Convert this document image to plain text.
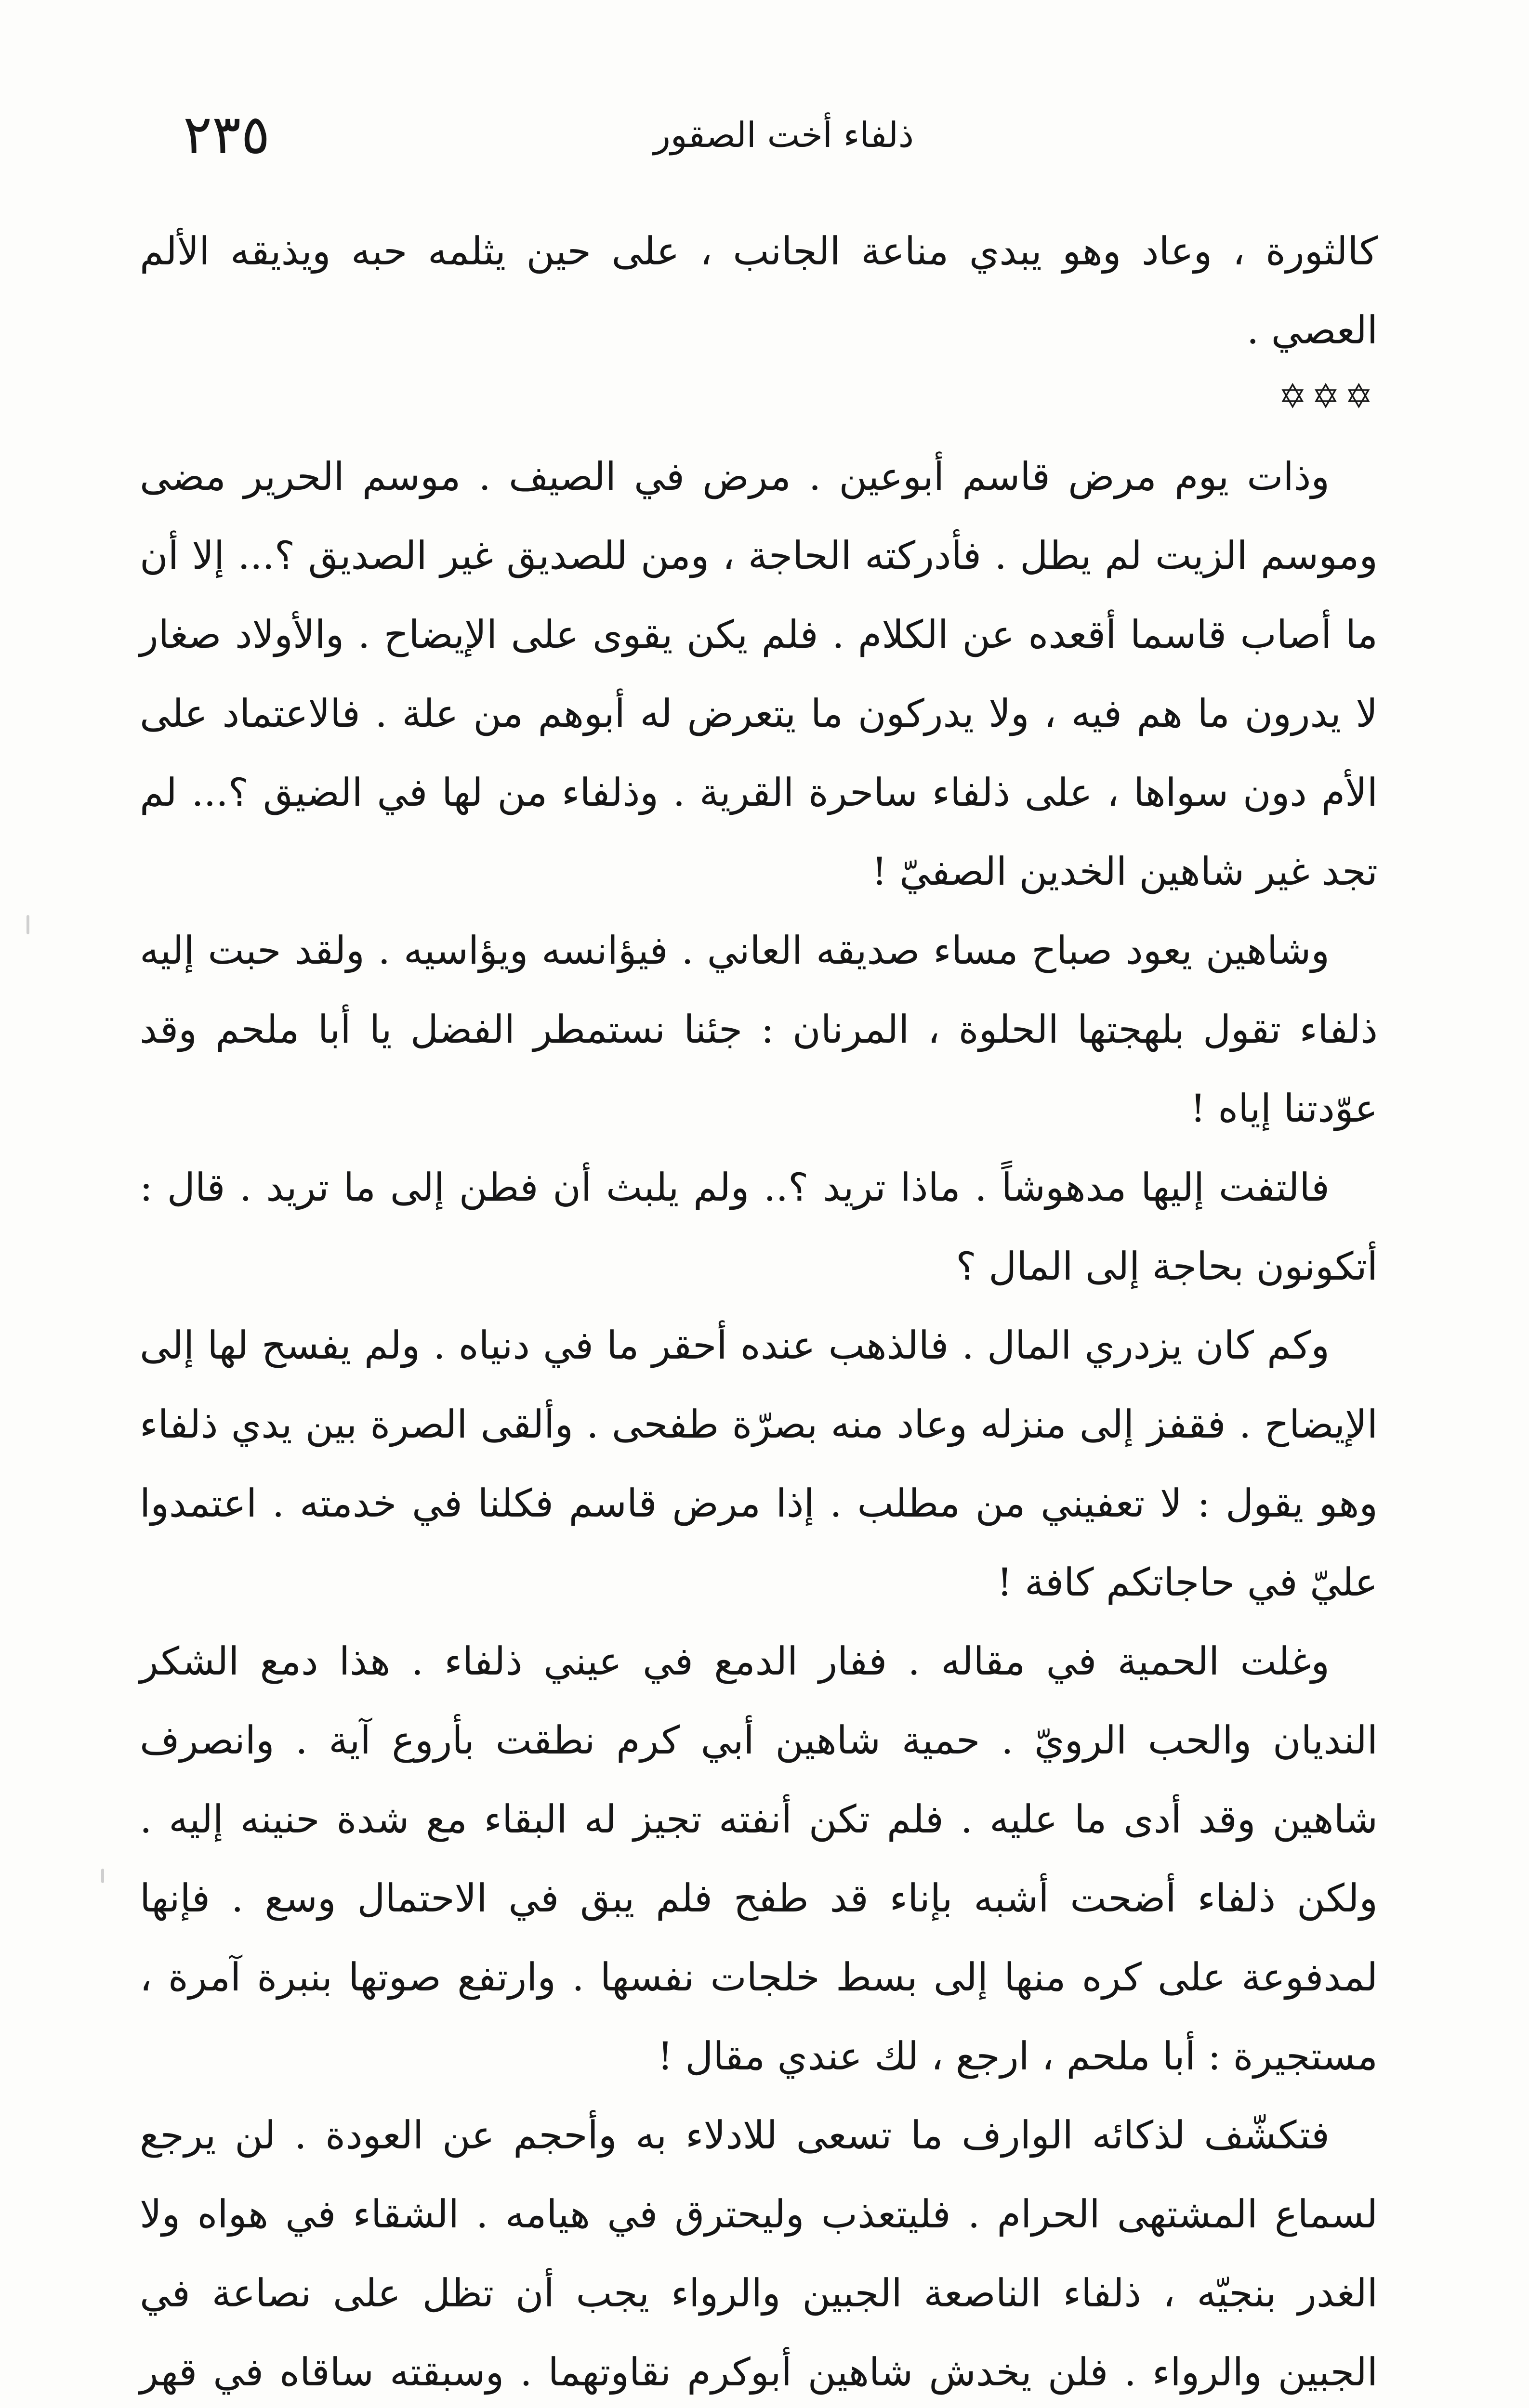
٢٣٥	ذلفاء أخت الصقور

كالثورة ، وعاد وهو يبدي مناعة الجانب ، على حين يثلمه حبه ويذيقه الألم العصي .

✡✡✡

وذات يوم مرض قاسم أبوعين . مرض في الصيف . موسم الحرير مضى وموسم الزيت لم يطل . فأدركته الحاجة ، ومن للصديق غير الصديق ؟... إلا أن ما أصاب قاسما أقعده عن الكلام . فلم يكن يقوى على الإيضاح . والأولاد صغار لا يدرون ما هم فيه ، ولا يدركون ما يتعرض له أبوهم من علة . فالاعتماد على الأم دون سواها ، على ذلفاء ساحرة القرية . وذلفاء من لها في الضيق ؟... لم تجد غير شاهين الخدين الصفيّ !

وشاهين يعود صباح مساء صديقه العاني . فيؤانسه ويؤاسيه . ولقد حبت إليه ذلفاء تقول بلهجتها الحلوة ، المرنان : جئنا نستمطر الفضل يا أبا ملحم وقد عوّدتنا إياه !

فالتفت إليها مدهوشاً . ماذا تريد ؟.. ولم يلبث أن فطن إلى ما تريد . قال : أتكونون بحاجة إلى المال ؟

وكم كان يزدري المال . فالذهب عنده أحقر ما في دنياه . ولم يفسح لها إلى الإيضاح . فقفز إلى منزله وعاد منه بصرّة طفحى . وألقى الصرة بين يدي ذلفاء وهو يقول : لا تعفيني من مطلب . إذا مرض قاسم فكلنا في خدمته . اعتمدوا عليّ في حاجاتكم كافة !

وغلت الحمية في مقاله . ففار الدمع في عيني ذلفاء . هذا دمع الشكر النديان والحب الرويّ . حمية شاهين أبي كرم نطقت بأروع آية . وانصرف شاهين وقد أدى ما عليه . فلم تكن أنفته تجيز له البقاء مع شدة حنينه إليه . ولكن ذلفاء أضحت أشبه بإناء قد طفح فلم يبق في الاحتمال وسع . فإنها لمدفوعة على كره منها إلى بسط خلجات نفسها . وارتفع صوتها بنبرة آمرة ، مستجيرة : أبا ملحم ، ارجع ، لك عندي مقال !

فتكشّف لذكائه الوارف ما تسعى للادلاء به وأحجم عن العودة . لن يرجع لسماع المشتهى الحرام . فليتعذب وليحترق في هيامه . الشقاء في هواه ولا الغدر بنجيّه ، ذلفاء الناصعة الجبين والرواء يجب أن تظل على نصاعة في الجبين والرواء . فلن يخدش شاهين أبوكرم نقاوتهما . وسبقته ساقاه في قهر
